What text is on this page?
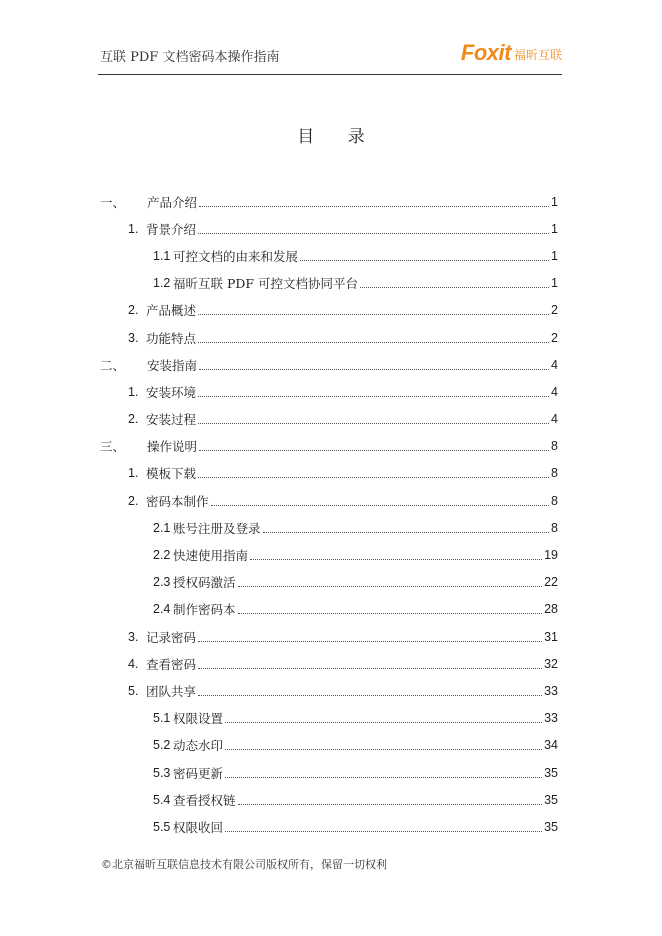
互联 PDF 文档密码本操作指南	Foxit 福昕互联
目 录
一、	产品介绍	1
1. 背景介绍	1
1.1 可控文档的由来和发展	1
1.2 福昕互联 PDF 可控文档协同平台	1
2. 产品概述	2
3. 功能特点	2
二、	安装指南	4
1. 安装环境	4
2. 安装过程	4
三、	操作说明	8
1. 模板下载	8
2. 密码本制作	8
2.1 账号注册及登录	8
2.2 快速使用指南	19
2.3 授权码激活	22
2.4 制作密码本	28
3. 记录密码	31
4. 查看密码	32
5. 团队共享	33
5.1 权限设置	33
5.2 动态水印	34
5.3 密码更新	35
5.4 查看授权链	35
5.5 权限收回	35
©北京福昕互联信息技术有限公司版权所有，保留一切权利
